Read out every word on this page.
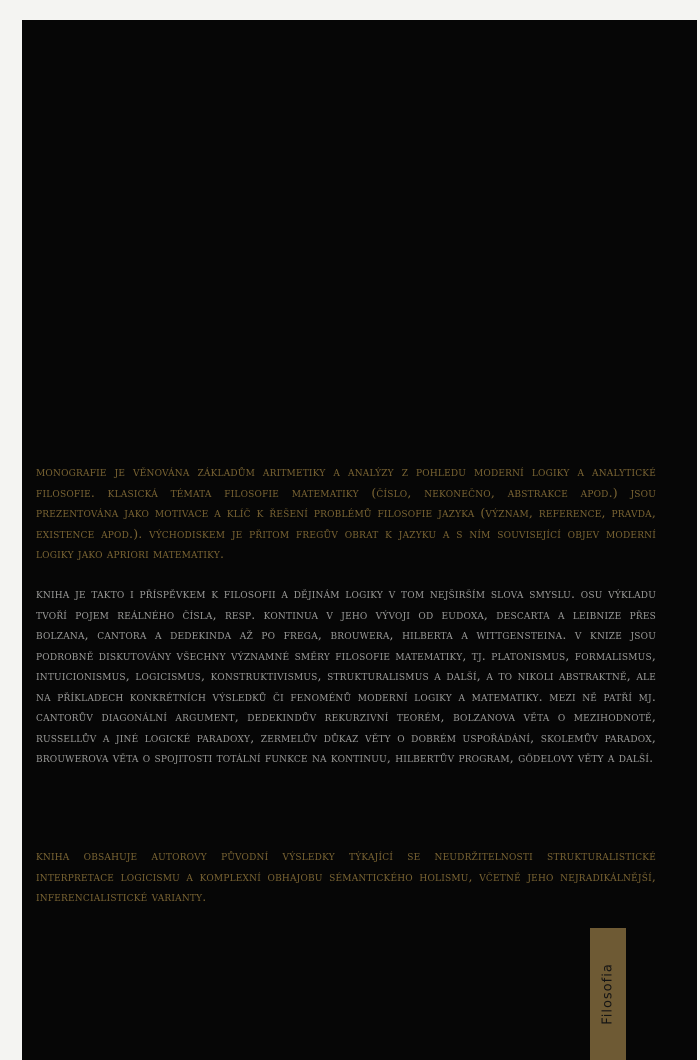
monografie je věnována základům aritmetiky a analýzy z pohledu moderní logiky a analytické filosofie. klasická témata filosofie matematiky (číslo, nekonečno, abstrakce apod.) jsou prezentována jako motivace a klíč k řešení problémů filosofie jazyka (význam, reference, pravda, existence apod.). východiskem je přitom fregův obrat k jazyku a s ním související objev moderní logiky jako apriori matematiky.

kniha je takto i příspěvkem k filosofii a dějinám logiky v tom nejširším slova smyslu. osu výkladu tvoří pojem reálného čísla, resp. kontinua v jeho vývoji od eudoxa, descarta a leibnize přes bolzana, cantora a dedekinda až po frega, brouwera, hilberta a wittgensteina. v knize jsou podrobně diskutovány všechny významné směry filosofie matematiky, tj. platonismus, formalismus, intuicionismus, logicismus, konstruktivismus, strukturalismus a další, a to nikoli abstraktně, ale na příkladech konkrétních výsledků či fenoménů moderní logiky a matematiky. mezi ně patří mj. cantorův diagonální argument, dedekindův rekurzivní teorém, bolzanova věta o mezihodnotě, russellův a jiné logické paradoxy, zermelův důkaz věty o dobrém uspořádání, skolemův paradox, brouwerova věta o spojitosti totální funkce na kontinuu, hilbertův program, gödelovy věty a další.

kniha obsahuje autorovy původní výsledky týkající se neudržitelnosti strukturalistické interpretace logicismu a komplexní obhajobu sémantického holismu, včetně jeho nejradikálnější, inferencialistické varianty.

Filosofia
